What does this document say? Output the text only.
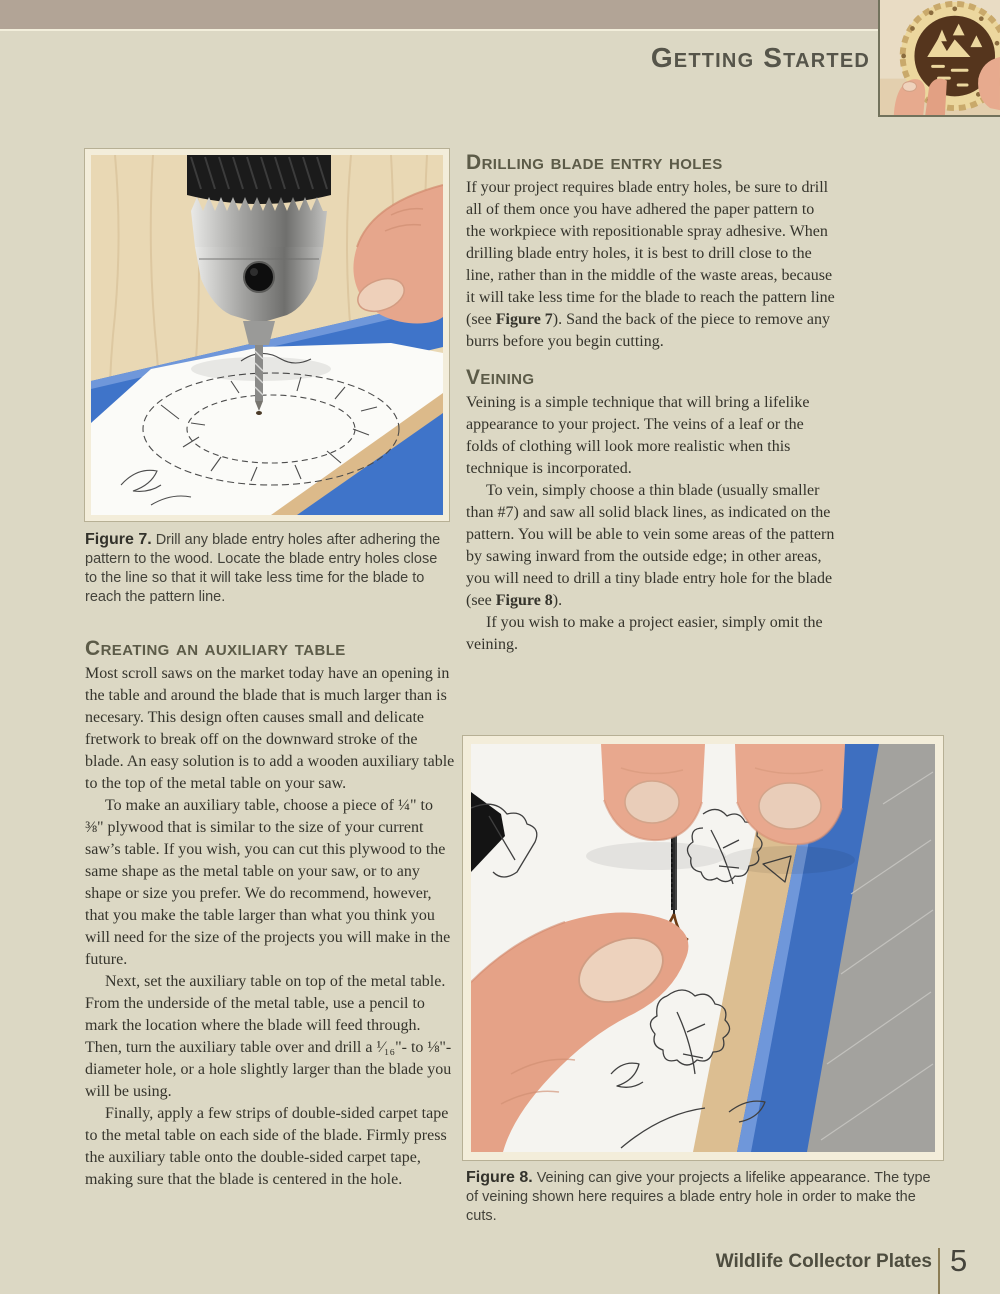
Getting Started

Figure 7. Drill any blade entry holes after adhering the pattern to the wood. Locate the blade entry holes close to the line so that it will take less time for the blade to reach the pattern line.

Creating an auxiliary table

Most scroll saws on the market today have an opening in the table and around the blade that is much larger than is necesary. This design often causes small and delicate fretwork to break off on the downward stroke of the blade. An easy solution is to add a wooden auxiliary table to the top of the metal table on your saw.

To make an auxiliary table, choose a piece of ¼" to ⅜" plywood that is similar to the size of your current saw’s table. If you wish, you can cut this plywood to the same shape as the metal table on your saw, or to any shape or size you prefer. We do recommend, however, that you make the table larger than what you think you will need for the size of the projects you will make in the future.

Next, set the auxiliary table on top of the metal table. From the underside of the metal table, use a pencil to mark the location where the blade will feed through. Then, turn the auxiliary table over and drill a ¹⁄₁₆"- to ⅛"-diameter hole, or a hole slightly larger than the blade you will be using.

Finally, apply a few strips of double-sided carpet tape to the metal table on each side of the blade. Firmly press the auxiliary table onto the double-sided carpet tape, making sure that the blade is centered in the hole.

Drilling blade entry holes

If your project requires blade entry holes, be sure to drill all of them once you have adhered the paper pattern to the workpiece with repositionable spray adhesive. When drilling blade entry holes, it is best to drill close to the line, rather than in the middle of the waste areas, because it will take less time for the blade to reach the pattern line (see Figure 7). Sand the back of the piece to remove any burrs before you begin cutting.

Veining

Veining is a simple technique that will bring a lifelike appearance to your project. The veins of a leaf or the folds of clothing will look more realistic when this technique is incorporated.

To vein, simply choose a thin blade (usually smaller than #7) and saw all solid black lines, as indicated on the pattern. You will be able to vein some areas of the pattern by sawing inward from the outside edge; in other areas, you will need to drill a tiny blade entry hole for the blade (see Figure 8).

If you wish to make a project easier, simply omit the veining.

Figure 8. Veining can give your projects a lifelike appearance. The type of veining shown here requires a blade entry hole in order to make the cuts.

Wildlife Collector Plates 5
